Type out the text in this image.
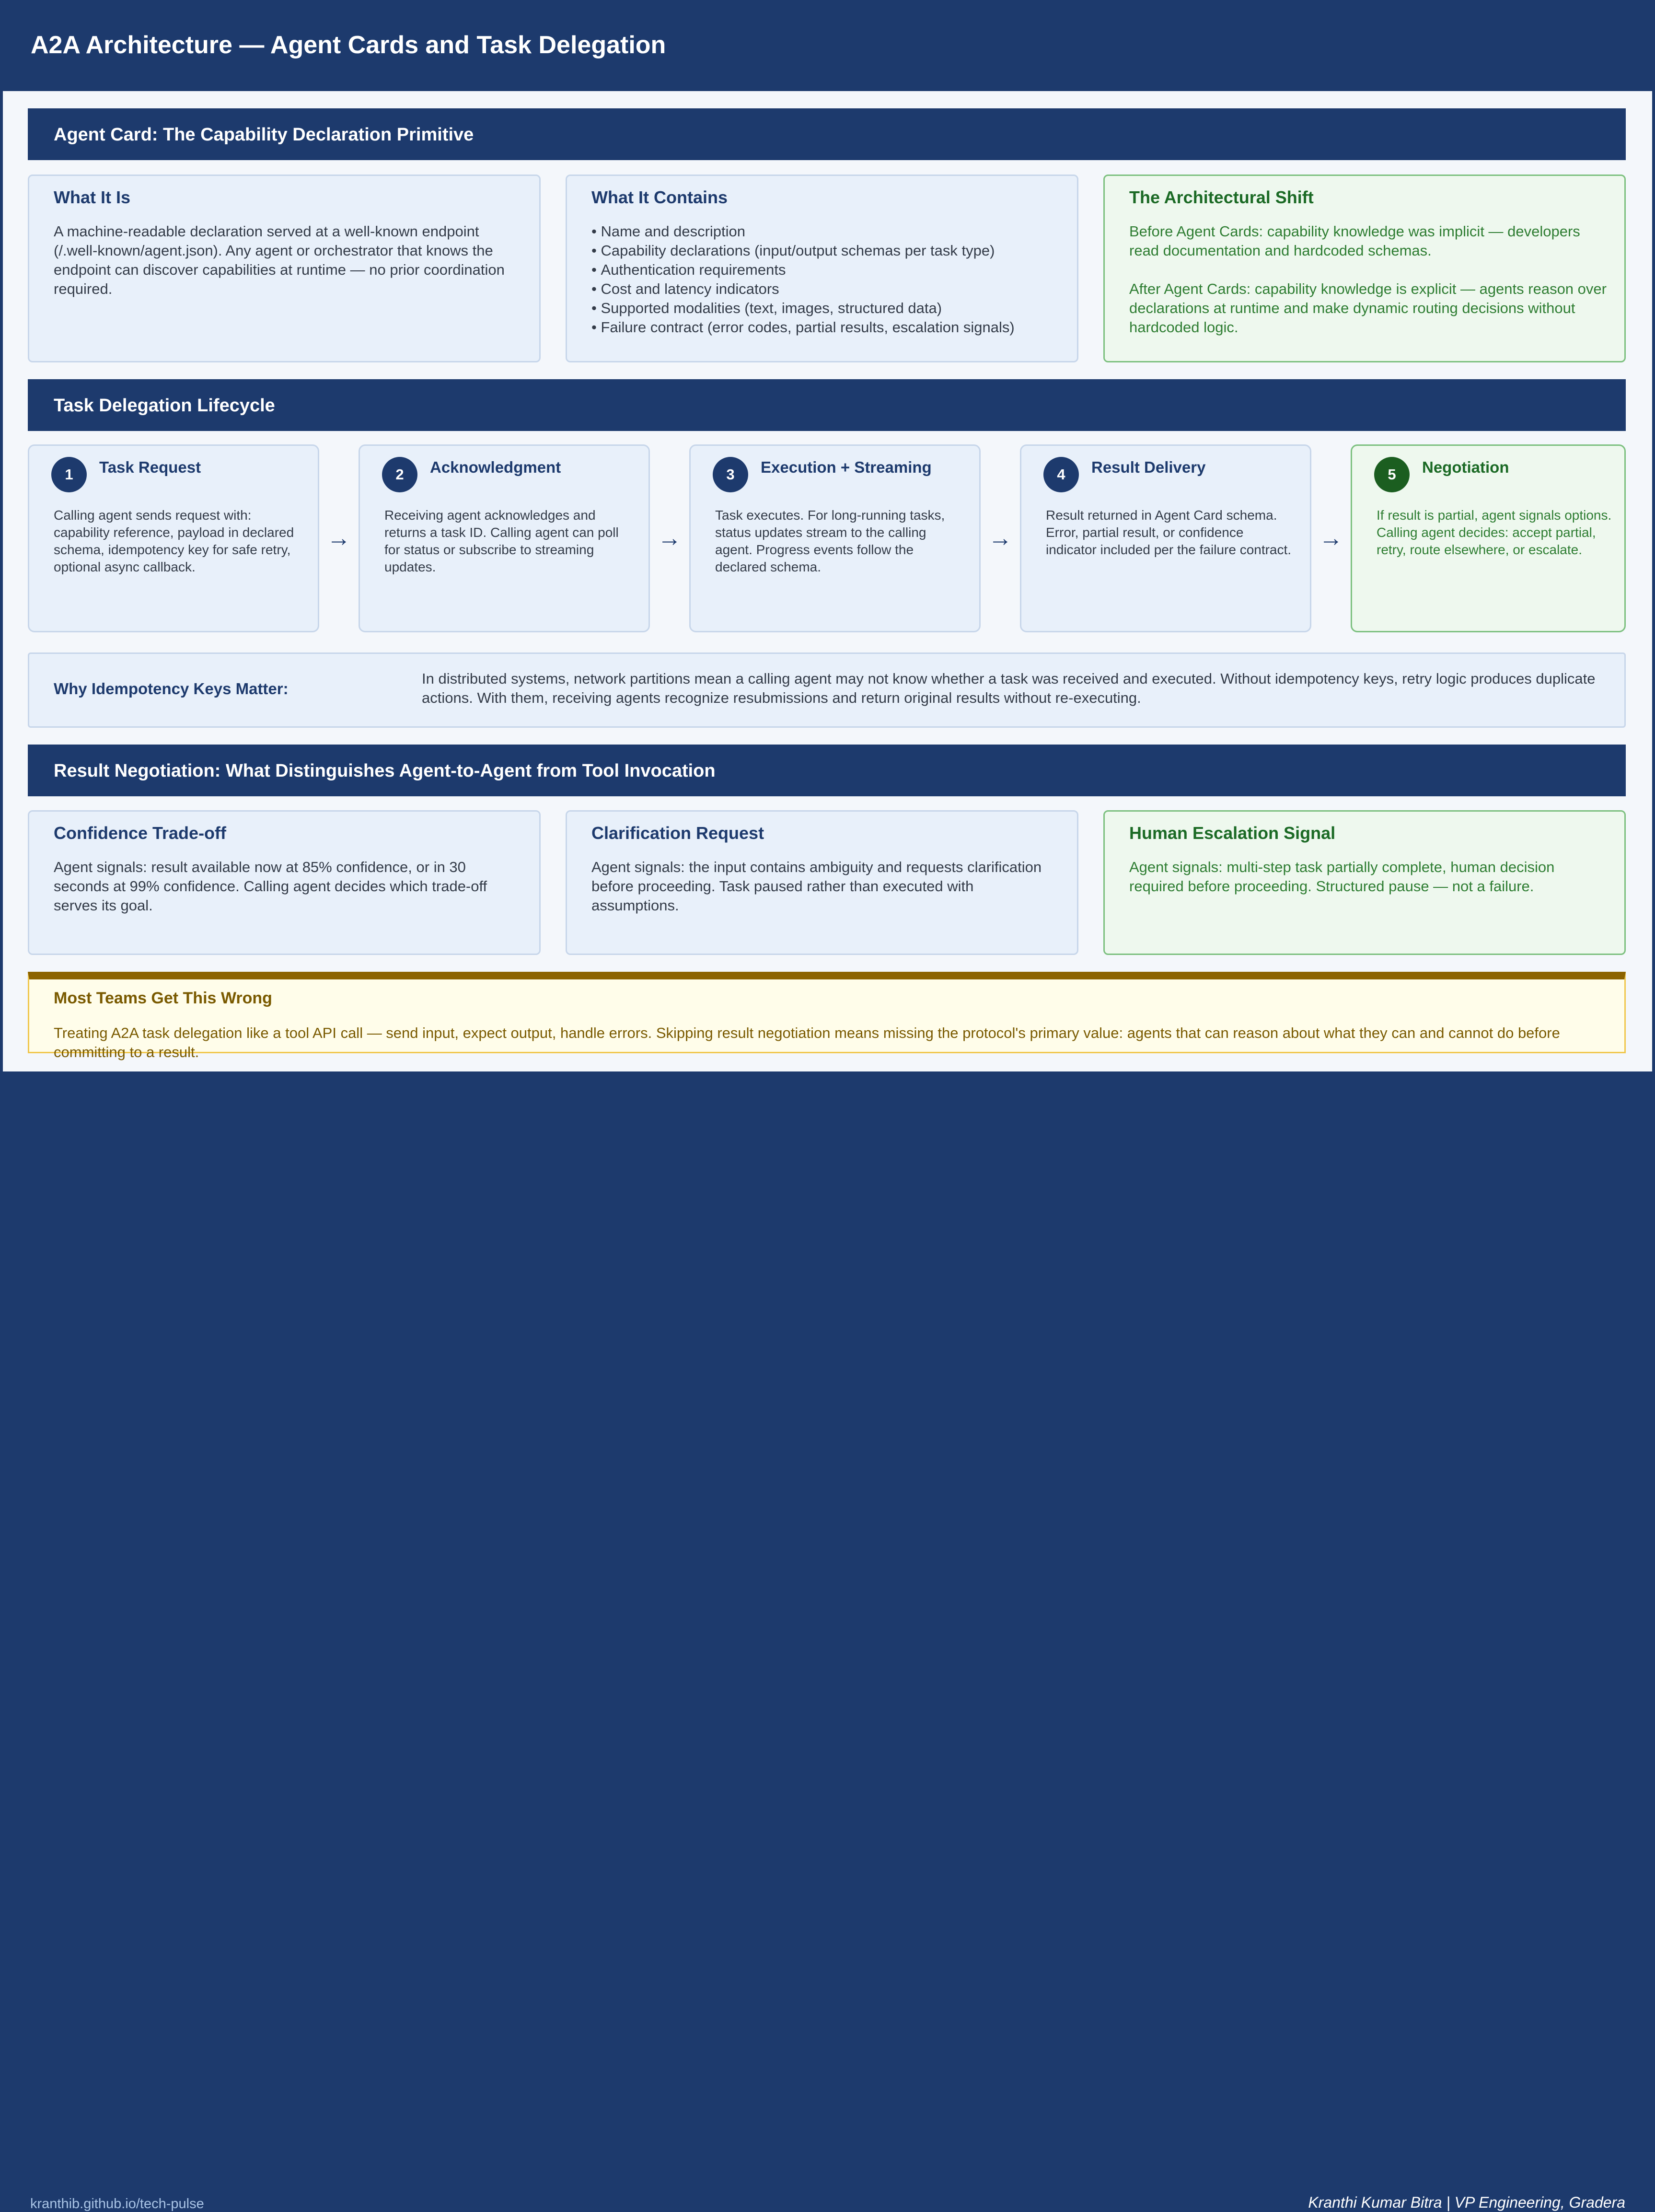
A2A Architecture — Agent Cards and Task Delegation
Agent Card: The Capability Declaration Primitive
What It Is
A machine-readable declaration served at a well-known endpoint (/.well-known/agent.json). Any agent or orchestrator that knows the endpoint can discover capabilities at runtime — no prior coordination required.
What It Contains
• Name and description
• Capability declarations (input/output schemas per task type)
• Authentication requirements
• Cost and latency indicators
• Supported modalities (text, images, structured data)
• Failure contract (error codes, partial results, escalation signals)
The Architectural Shift

Before Agent Cards: capability knowledge was implicit — developers read documentation and hardcoded schemas.

After Agent Cards: capability knowledge is explicit — agents reason over declarations at runtime and make dynamic routing decisions without hardcoded logic.

Task Delegation Lifecycle
1	Task Request
Calling agent sends request with: capability reference, payload in declared schema, idempotency key for safe retry, optional async callback.
→
2	Acknowledgment
Receiving agent acknowledges and returns a task ID. Calling agent can poll for status or subscribe to streaming updates.
→
3	Execution + Streaming
Task executes. For long-running tasks, status updates stream to the calling agent. Progress events follow the declared schema.
→
4	Result Delivery
Result returned in Agent Card schema. Error, partial result, or confidence indicator included per the failure contract. →
5	Negotiation
If result is partial, agent signals options. Calling agent decides: accept partial, retry, route elsewhere, or escalate.
Why Idempotency Keys Matter:
In distributed systems, network partitions mean a calling agent may not know whether a task was received and executed. Without idempotency keys, retry logic produces duplicate actions. With them, receiving agents recognize resubmissions and return original results without re-executing.
Result Negotiation: What Distinguishes Agent-to-Agent from Tool Invocation
Confidence Trade-off
Agent signals: result available now at 85% confidence, or in 30 seconds at 99% confidence. Calling agent decides which trade-off serves its goal.
Clarification Request
Agent signals: the input contains ambiguity and requests clarification before proceeding. Task paused rather than executed with assumptions.
Human Escalation Signal
Agent signals: multi-step task partially complete, human decision required before proceeding. Structured pause — not a failure.
Most Teams Get This Wrong
Treating A2A task delegation like a tool API call — send input, expect output, handle errors. Skipping result negotiation means missing the protocol's primary value: agents that can reason about what they can and cannot do before committing to a result.
kranthib.github.io/tech-pulse	Kranthi Kumar Bitra | VP Engineering, Gradera
